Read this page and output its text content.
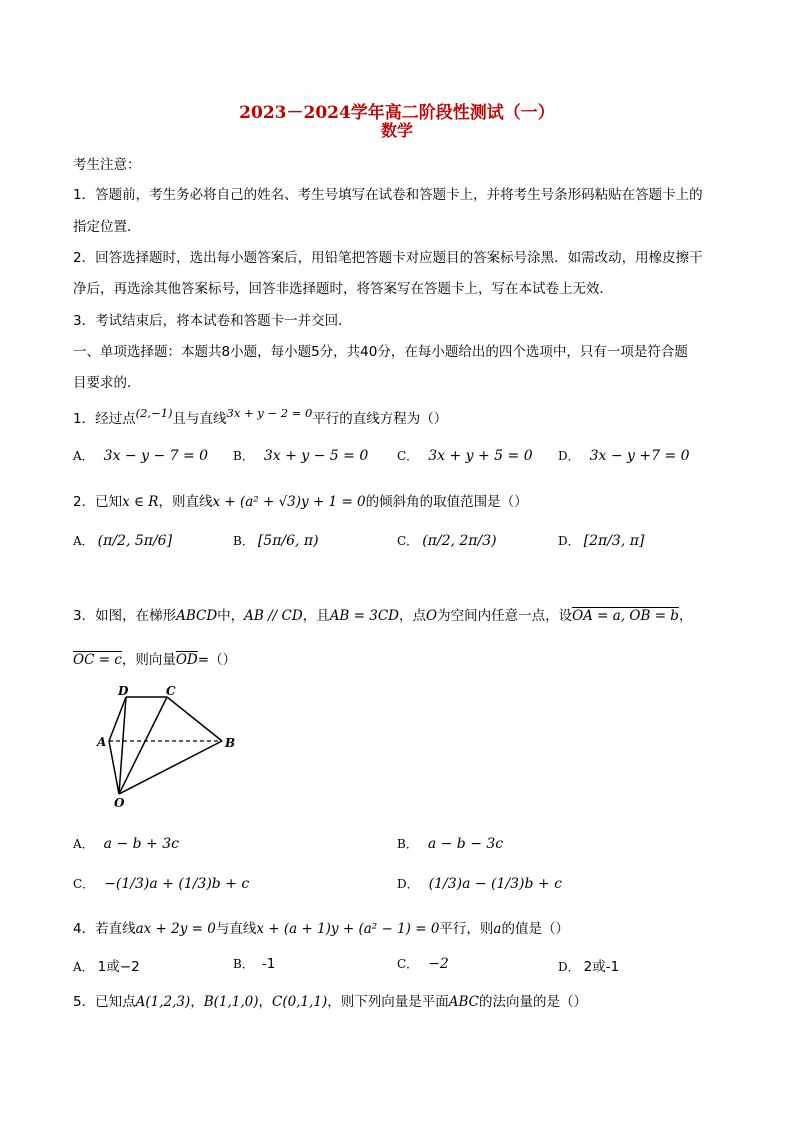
2023－2024学年高二阶段性测试（一）
数学
考生注意：
1．答题前，考生务必将自己的姓名、考生号填写在试卷和答题卡上，并将考生号条形码粘贴在答题卡上的
指定位置．
2．回答选择题时，选出每小题答案后，用铅笔把答题卡对应题目的答案标号涂黑．如需改动，用橡皮擦干
净后，再选涂其他答案标号，回答非选择题时，将答案写在答题卡上，写在本试卷上无效．
3．考试结束后，将本试卷和答题卡一并交回．
一、单项选择题：本题共8小题，每小题5分，共40分，在每小题给出的四个选项中，只有一项是符合题
目要求的．
1．经过点(2,−1)且与直线3x + y − 2 = 0平行的直线方程为（）
A． 3x − y − 7 = 0 B． 3x + y − 5 = 0 C． 3x + y + 5 = 0 D． 3x − y +7 = 0
2．已知x ∈ R，则直线x + (a² + √3)y + 1 = 0的倾斜角的取值范围是（）
A． (π/2, 5π/6]	B． [5π/6, π)	C． (π/2, 2π/3)	D． [2π/3, π]
3．如图，在梯形ABCD中，AB // CD，且AB = 3CD，点O为空间内任意一点，设OA = a, OB = b，
OC = c，则向量$\overline{OD}=()$
D	C
A	B
O
A． a − b + 3c	B． a − b − 3c
C． −(1/3)a + (1/3)b + c	D． (1/3)a − (1/3)b + c
4．若直线ax + 2y = 0与直线x + (a + 1)y + (a² − 1) = 0平行，则a的值是（）
A． 1或−2	B． -1	C． −2	D． 2或-1
5．已知点A(1,2,3)，B(1,1,0)，C(0,1,1)，则下列向量是平面ABC的法向量的是（）
